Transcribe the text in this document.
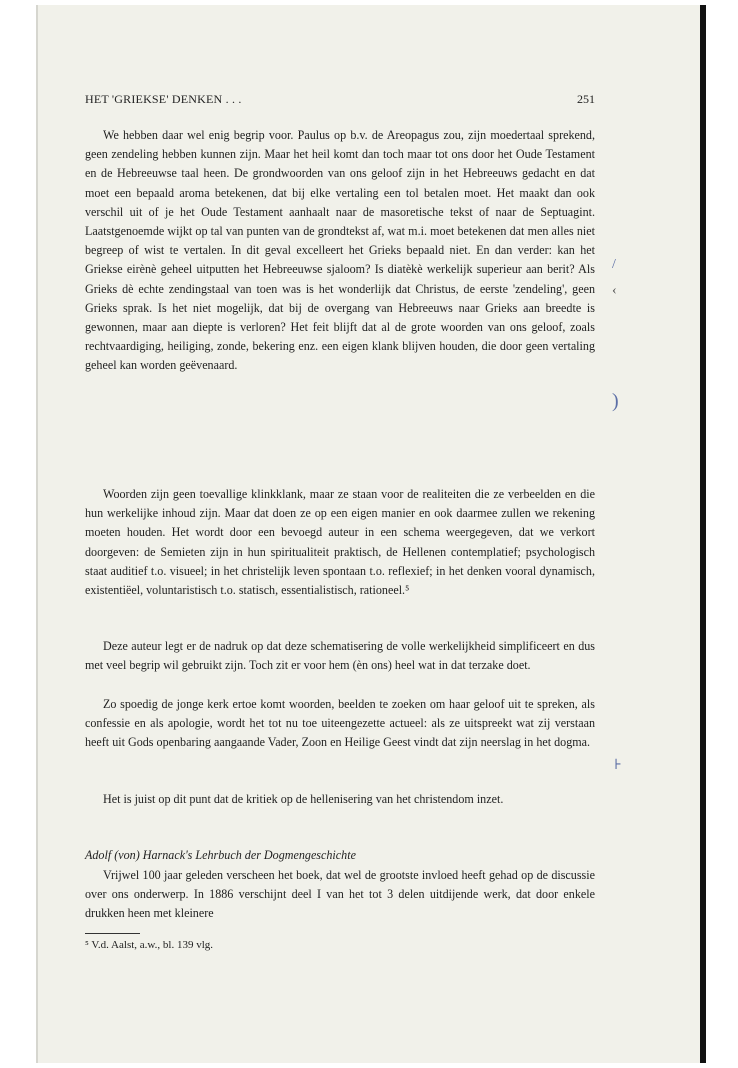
HET 'GRIEKSE' DENKEN . . .	251
We hebben daar wel enig begrip voor. Paulus op b.v. de Areopagus zou, zijn moedertaal sprekend, geen zendeling hebben kunnen zijn. Maar het heil komt dan toch maar tot ons door het Oude Testament en de Hebreeuwse taal heen. De grondwoorden van ons geloof zijn in het Hebreeuws gedacht en dat moet een bepaald aroma betekenen, dat bij elke vertaling een tol betalen moet. Het maakt dan ook verschil uit of je het Oude Testament aanhaalt naar de masoretische tekst of naar de Septuagint. Laatstgenoemde wijkt op tal van punten van de grondtekst af, wat m.i. moet betekenen dat men alles niet begreep of wist te vertalen. In dit geval excelleert het Grieks bepaald niet. En dan verder: kan het Griekse eirènè geheel uitputten het Hebreeuwse sjaloom? Is diatèkè werkelijk superieur aan berit? Als Grieks dè echte zendingstaal van toen was is het wonderlijk dat Christus, de eerste 'zendeling', geen Grieks sprak. Is het niet mogelijk, dat bij de overgang van Hebreeuws naar Grieks aan breedte is gewonnen, maar aan diepte is verloren? Het feit blijft dat al de grote woorden van ons geloof, zoals rechtvaardiging, heiliging, zonde, bekering enz. een eigen klank blijven houden, die door geen vertaling geheel kan worden geëvenaard.
Woorden zijn geen toevallige klinkklank, maar ze staan voor de realiteiten die ze verbeelden en die hun werkelijke inhoud zijn. Maar dat doen ze op een eigen manier en ook daarmee zullen we rekening moeten houden. Het wordt door een bevoegd auteur in een schema weergegeven, dat we verkort doorgeven: de Semieten zijn in hun spiritualiteit praktisch, de Hellenen contemplatief; psychologisch staat auditief t.o. visueel; in het christelijk leven spontaan t.o. reflexief; in het denken vooral dynamisch, existentiëel, voluntaristisch t.o. statisch, essentialistisch, rationeel.⁵
Deze auteur legt er de nadruk op dat deze schematisering de volle werkelijkheid simplificeert en dus met veel begrip wil gebruikt zijn. Toch zit er voor hem (èn ons) heel wat in dat terzake doet.
Zo spoedig de jonge kerk ertoe komt woorden, beelden te zoeken om haar geloof uit te spreken, als confessie en als apologie, wordt het tot nu toe uiteengezette actueel: als ze uitspreekt wat zij verstaan heeft uit Gods openbaring aangaande Vader, Zoon en Heilige Geest vindt dat zijn neerslag in het dogma.
Het is juist op dit punt dat de kritiek op de hellenisering van het christendom inzet.
Adolf (von) Harnack's Lehrbuch der Dogmengeschichte
Vrijwel 100 jaar geleden verscheen het boek, dat wel de grootste invloed heeft gehad op de discussie over ons onderwerp. In 1886 verschijnt deel I van het tot 3 delen uitdijende werk, dat door enkele drukken heen met kleinere
⁵ V.d. Aalst, a.w., bl. 139 vlg.
/
‹
)
⊦
